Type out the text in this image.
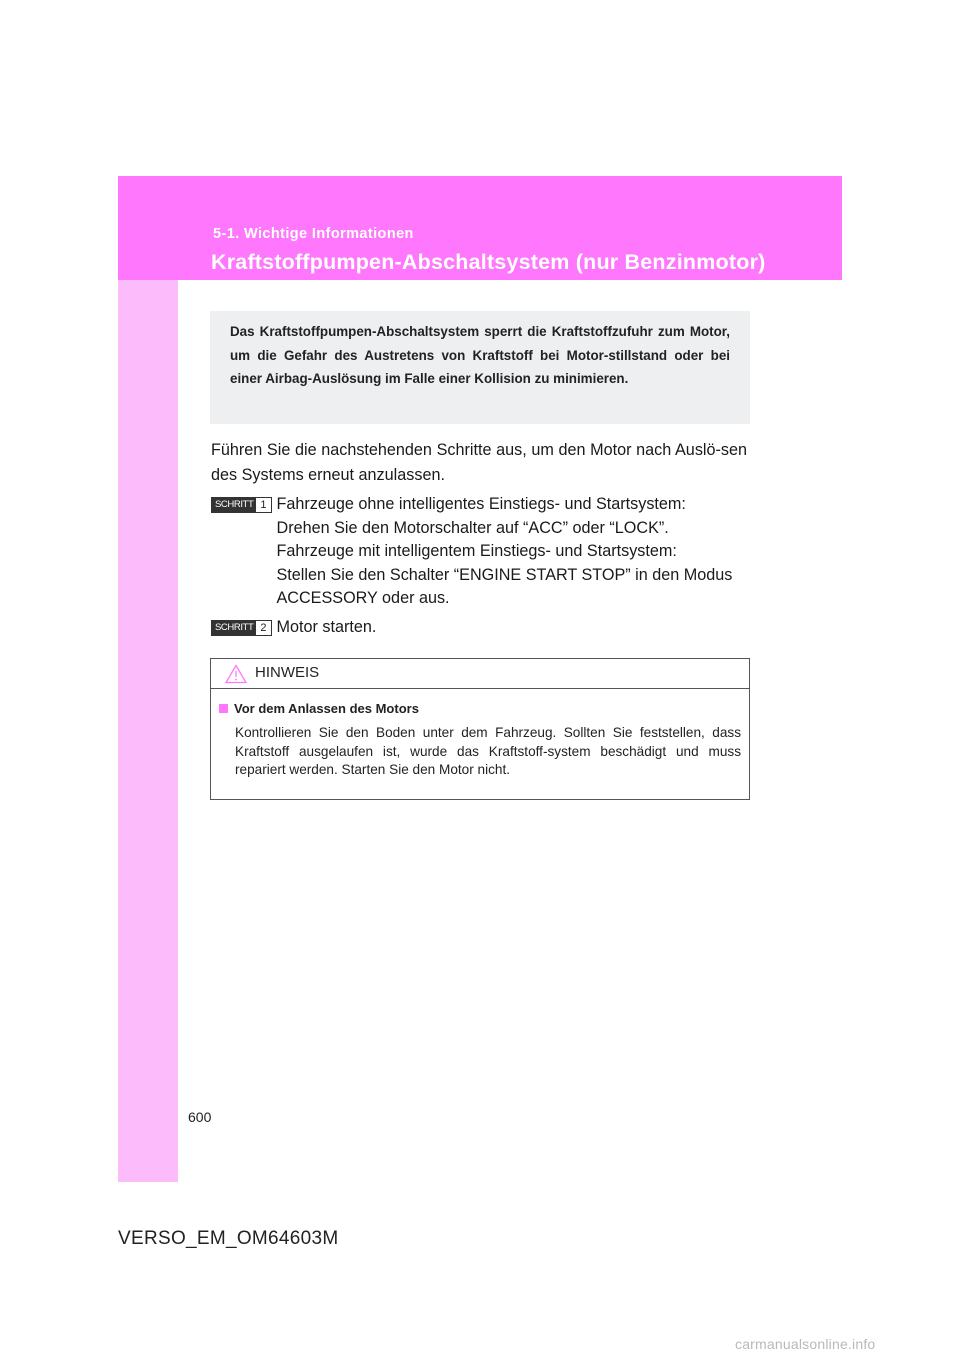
5-1. Wichtige Informationen
Kraftstoffpumpen-Abschaltsystem (nur Benzinmotor)

Das Kraftstoffpumpen-Abschaltsystem sperrt die Kraftstoffzufuhr zum Motor, um die Gefahr des Austretens von Kraftstoff bei Motor-stillstand oder bei einer Airbag-Auslösung im Falle einer Kollision zu minimieren.

Führen Sie die nachstehenden Schritte aus, um den Motor nach Auslö-sen des Systems erneut anzulassen.

SCHRITT 1 Fahrzeuge ohne intelligentes Einstiegs- und Startsystem:
Drehen Sie den Motorschalter auf “ACC” oder “LOCK”.
Fahrzeuge mit intelligentem Einstiegs- und Startsystem:
Stellen Sie den Schalter “ENGINE START STOP” in den Modus
ACCESSORY oder aus.
SCHRITT 2 Motor starten.
HINWEIS
Vor dem Anlassen des Motors

Kontrollieren Sie den Boden unter dem Fahrzeug. Sollten Sie feststellen, dass Kraftstoff ausgelaufen ist, wurde das Kraftstoff-system beschädigt und muss repariert werden. Starten Sie den Motor nicht.

600
VERSO_EM_OM64603M
carmanualsonline.info
